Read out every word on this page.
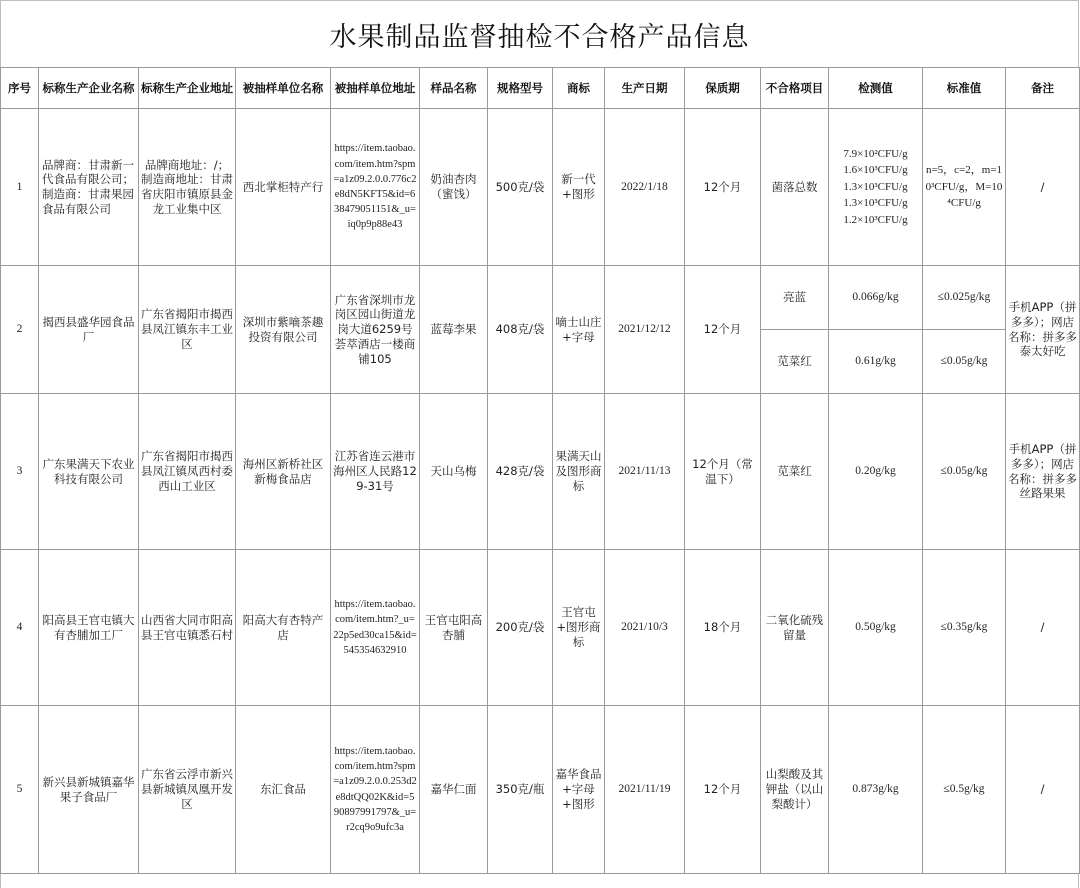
水果制品监督抽检不合格产品信息
序号	标称生产企业名称	标称生产企业地址	被抽样单位名称	被抽样单位地址	样品名称	规格型号	商标	生产日期	保质期	不合格项目	检测值	标准值	备注
1	品牌商：甘肃新一代食品有限公司；制造商：甘肃果园食品有限公司	品牌商地址：/；制造商地址：甘肃省庆阳市镇原县金龙工业集中区	西北掌柜特产行	https://item.taobao.com/item.htm?spm=a1z09.2.0.0.776c2e8dN5KFT5&id=638479051151&_u=iq0p9p88e43	奶油杏肉（蜜饯）	500克/袋	新一代+图形	2022/1/18	12个月	菌落总数	7.9×10²CFU/g
1.6×10³CFU/g
1.3×10³CFU/g
1.3×10³CFU/g
1.2×10³CFU/g	n=5，c=2，m=10³CFU/g，M=10⁴CFU/g	/
2	揭西县盛华园食品厂	广东省揭阳市揭西县凤江镇东丰工业区	深圳市紫嘀茶趣投资有限公司	广东省深圳市龙岗区园山街道龙岗大道6259号荟萃酒店一楼商铺105	蓝莓李果	408克/袋	嘀士山庄+字母	2021/12/12	12个月	亮蓝	0.066g/kg	≤0.025g/kg	手机APP（拼多多）；网店名称：拼多多 泰太好吃
										苋菜红	0.61g/kg	≤0.05g/kg	
3	广东果满天下农业科技有限公司	广东省揭阳市揭西县凤江镇凤西村委西山工业区	海州区新桥社区新梅食品店	江苏省连云港市海州区人民路129-31号	天山乌梅	428克/袋	果满天山及图形商标	2021/11/13	12个月（常温下）	苋菜红	0.20g/kg	≤0.05g/kg	手机APP（拼多多）；网店名称：拼多多丝路果果
4	阳高县王官屯镇大有杏脯加工厂	山西省大同市阳高县王官屯镇悉石村	阳高大有杏特产店	https://item.taobao.com/item.htm?_u=22p5ed30ca15&id=545354632910	王官屯阳高杏脯	200克/袋	王官屯+图形商标	2021/10/3	18个月	二氧化硫残留量	0.50g/kg	≤0.35g/kg	/
5	新兴县新城镇嘉华果子食品厂	广东省云浮市新兴县新城镇凤凰开发区	东汇食品	https://item.taobao.com/item.htm?spm=a1z09.2.0.0.253d2e8dtQQ02K&id=590897991797&_u=r2cq9o9ufc3a	嘉华仁面	350克/瓶	嘉华食品+字母+图形	2021/11/19	12个月	山梨酸及其钾盐（以山梨酸计）	0.873g/kg	≤0.5g/kg	/
